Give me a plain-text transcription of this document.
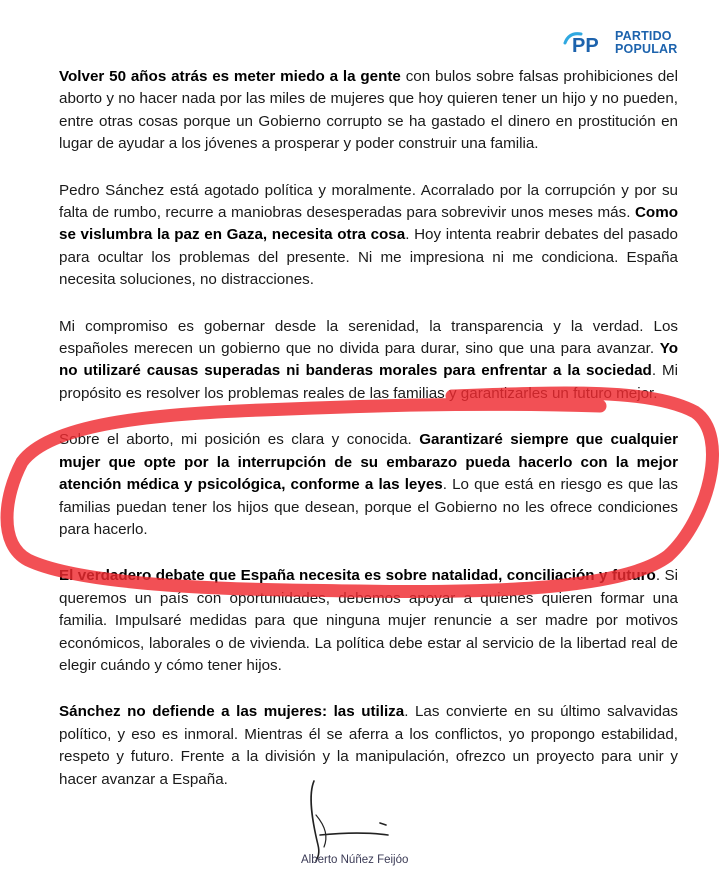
PP PARTIDO
POPULAR

Volver 50 años atrás es meter miedo a la gente con bulos sobre falsas prohibiciones del aborto y no hacer nada por las miles de mujeres que hoy quieren tener un hijo y no pueden, entre otras cosas porque un Gobierno corrupto se ha gastado el dinero en prostitución en lugar de ayudar a los jóvenes a prosperar y poder construir una familia.

Pedro Sánchez está agotado política y moralmente. Acorralado por la corrupción y por su falta de rumbo, recurre a maniobras desesperadas para sobrevivir unos meses más. Como se vislumbra la paz en Gaza, necesita otra cosa. Hoy intenta reabrir debates del pasado para ocultar los problemas del presente. Ni me impresiona ni me condiciona. España necesita soluciones, no distracciones.

Mi compromiso es gobernar desde la serenidad, la transparencia y la verdad. Los españoles merecen un gobierno que no divida para durar, sino que una para avanzar. Yo no utilizaré causas superadas ni banderas morales para enfrentar a la sociedad. Mi propósito es resolver los problemas reales de las familias y garantizarles un futuro mejor.

Sobre el aborto, mi posición es clara y conocida. Garantizaré siempre que cualquier mujer que opte por la interrupción de su embarazo pueda hacerlo con la mejor atención médica y psicológica, conforme a las leyes. Lo que está en riesgo es que las familias puedan tener los hijos que desean, porque el Gobierno no les ofrece condiciones para hacerlo.

El verdadero debate que España necesita es sobre natalidad, conciliación y futuro. Si queremos un país con oportunidades, debemos apoyar a quienes quieren formar una familia. Impulsaré medidas para que ninguna mujer renuncie a ser madre por motivos económicos, laborales o de vivienda. La política debe estar al servicio de la libertad real de elegir cuándo y cómo tener hijos.

Sánchez no defiende a las mujeres: las utiliza. Las convierte en su último salvavidas político, y eso es inmoral. Mientras él se aferra a los conflictos, yo propongo estabilidad, respeto y futuro. Frente a la división y la manipulación, ofrezco un proyecto para unir y hacer avanzar a España.

Alberto Núñez Feijóo
